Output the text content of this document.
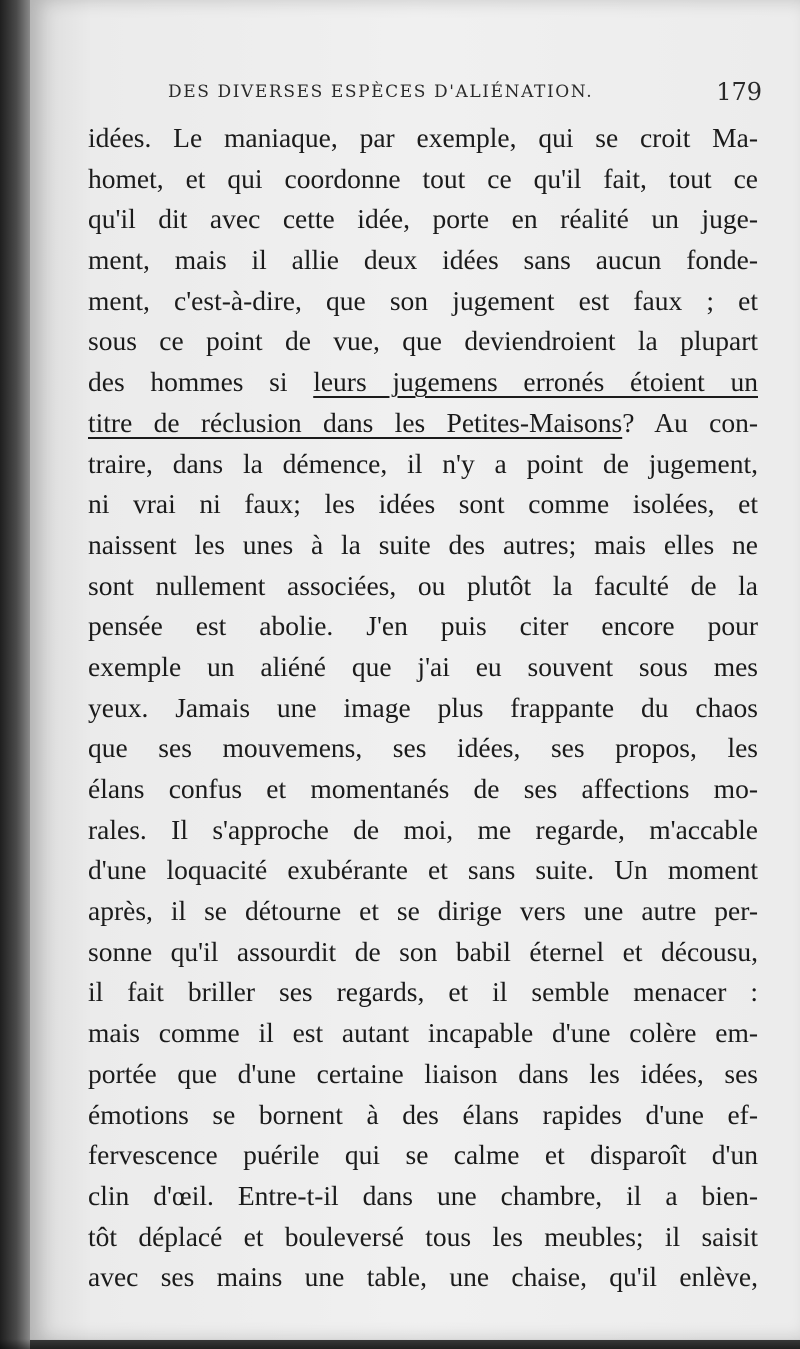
DES DIVERSES ESPÈCES D'ALIÉNATION.	179
idées. Le maniaque, par exemple, qui se croit Ma-
homet, et qui coordonne tout ce qu'il fait, tout ce
qu'il dit avec cette idée, porte en réalité un juge-
ment, mais il allie deux idées sans aucun fonde-
ment, c'est-à-dire, que son jugement est faux ; et
sous ce point de vue, que deviendroient la plupart
des hommes si leurs jugemens erronés étoient un
titre de réclusion dans les Petites-Maisons? Au con-
traire, dans la démence, il n'y a point de jugement,
ni vrai ni faux; les idées sont comme isolées, et
naissent les unes à la suite des autres; mais elles ne
sont nullement associées, ou plutôt la faculté de la
pensée est abolie. J'en puis citer encore pour
exemple un aliéné que j'ai eu souvent sous mes
yeux. Jamais une image plus frappante du chaos
que ses mouvemens, ses idées, ses propos, les
élans confus et momentanés de ses affections mo-
rales. Il s'approche de moi, me regarde, m'accable
d'une loquacité exubérante et sans suite. Un moment
après, il se détourne et se dirige vers une autre per-
sonne qu'il assourdit de son babil éternel et décousu,
il fait briller ses regards, et il semble menacer :
mais comme il est autant incapable d'une colère em-
portée que d'une certaine liaison dans les idées, ses
émotions se bornent à des élans rapides d'une ef-
fervescence puérile qui se calme et disparoît d'un
clin d'œil. Entre-t-il dans une chambre, il a bien-
tôt déplacé et bouleversé tous les meubles; il saisit
avec ses mains une table, une chaise, qu'il enlève,
